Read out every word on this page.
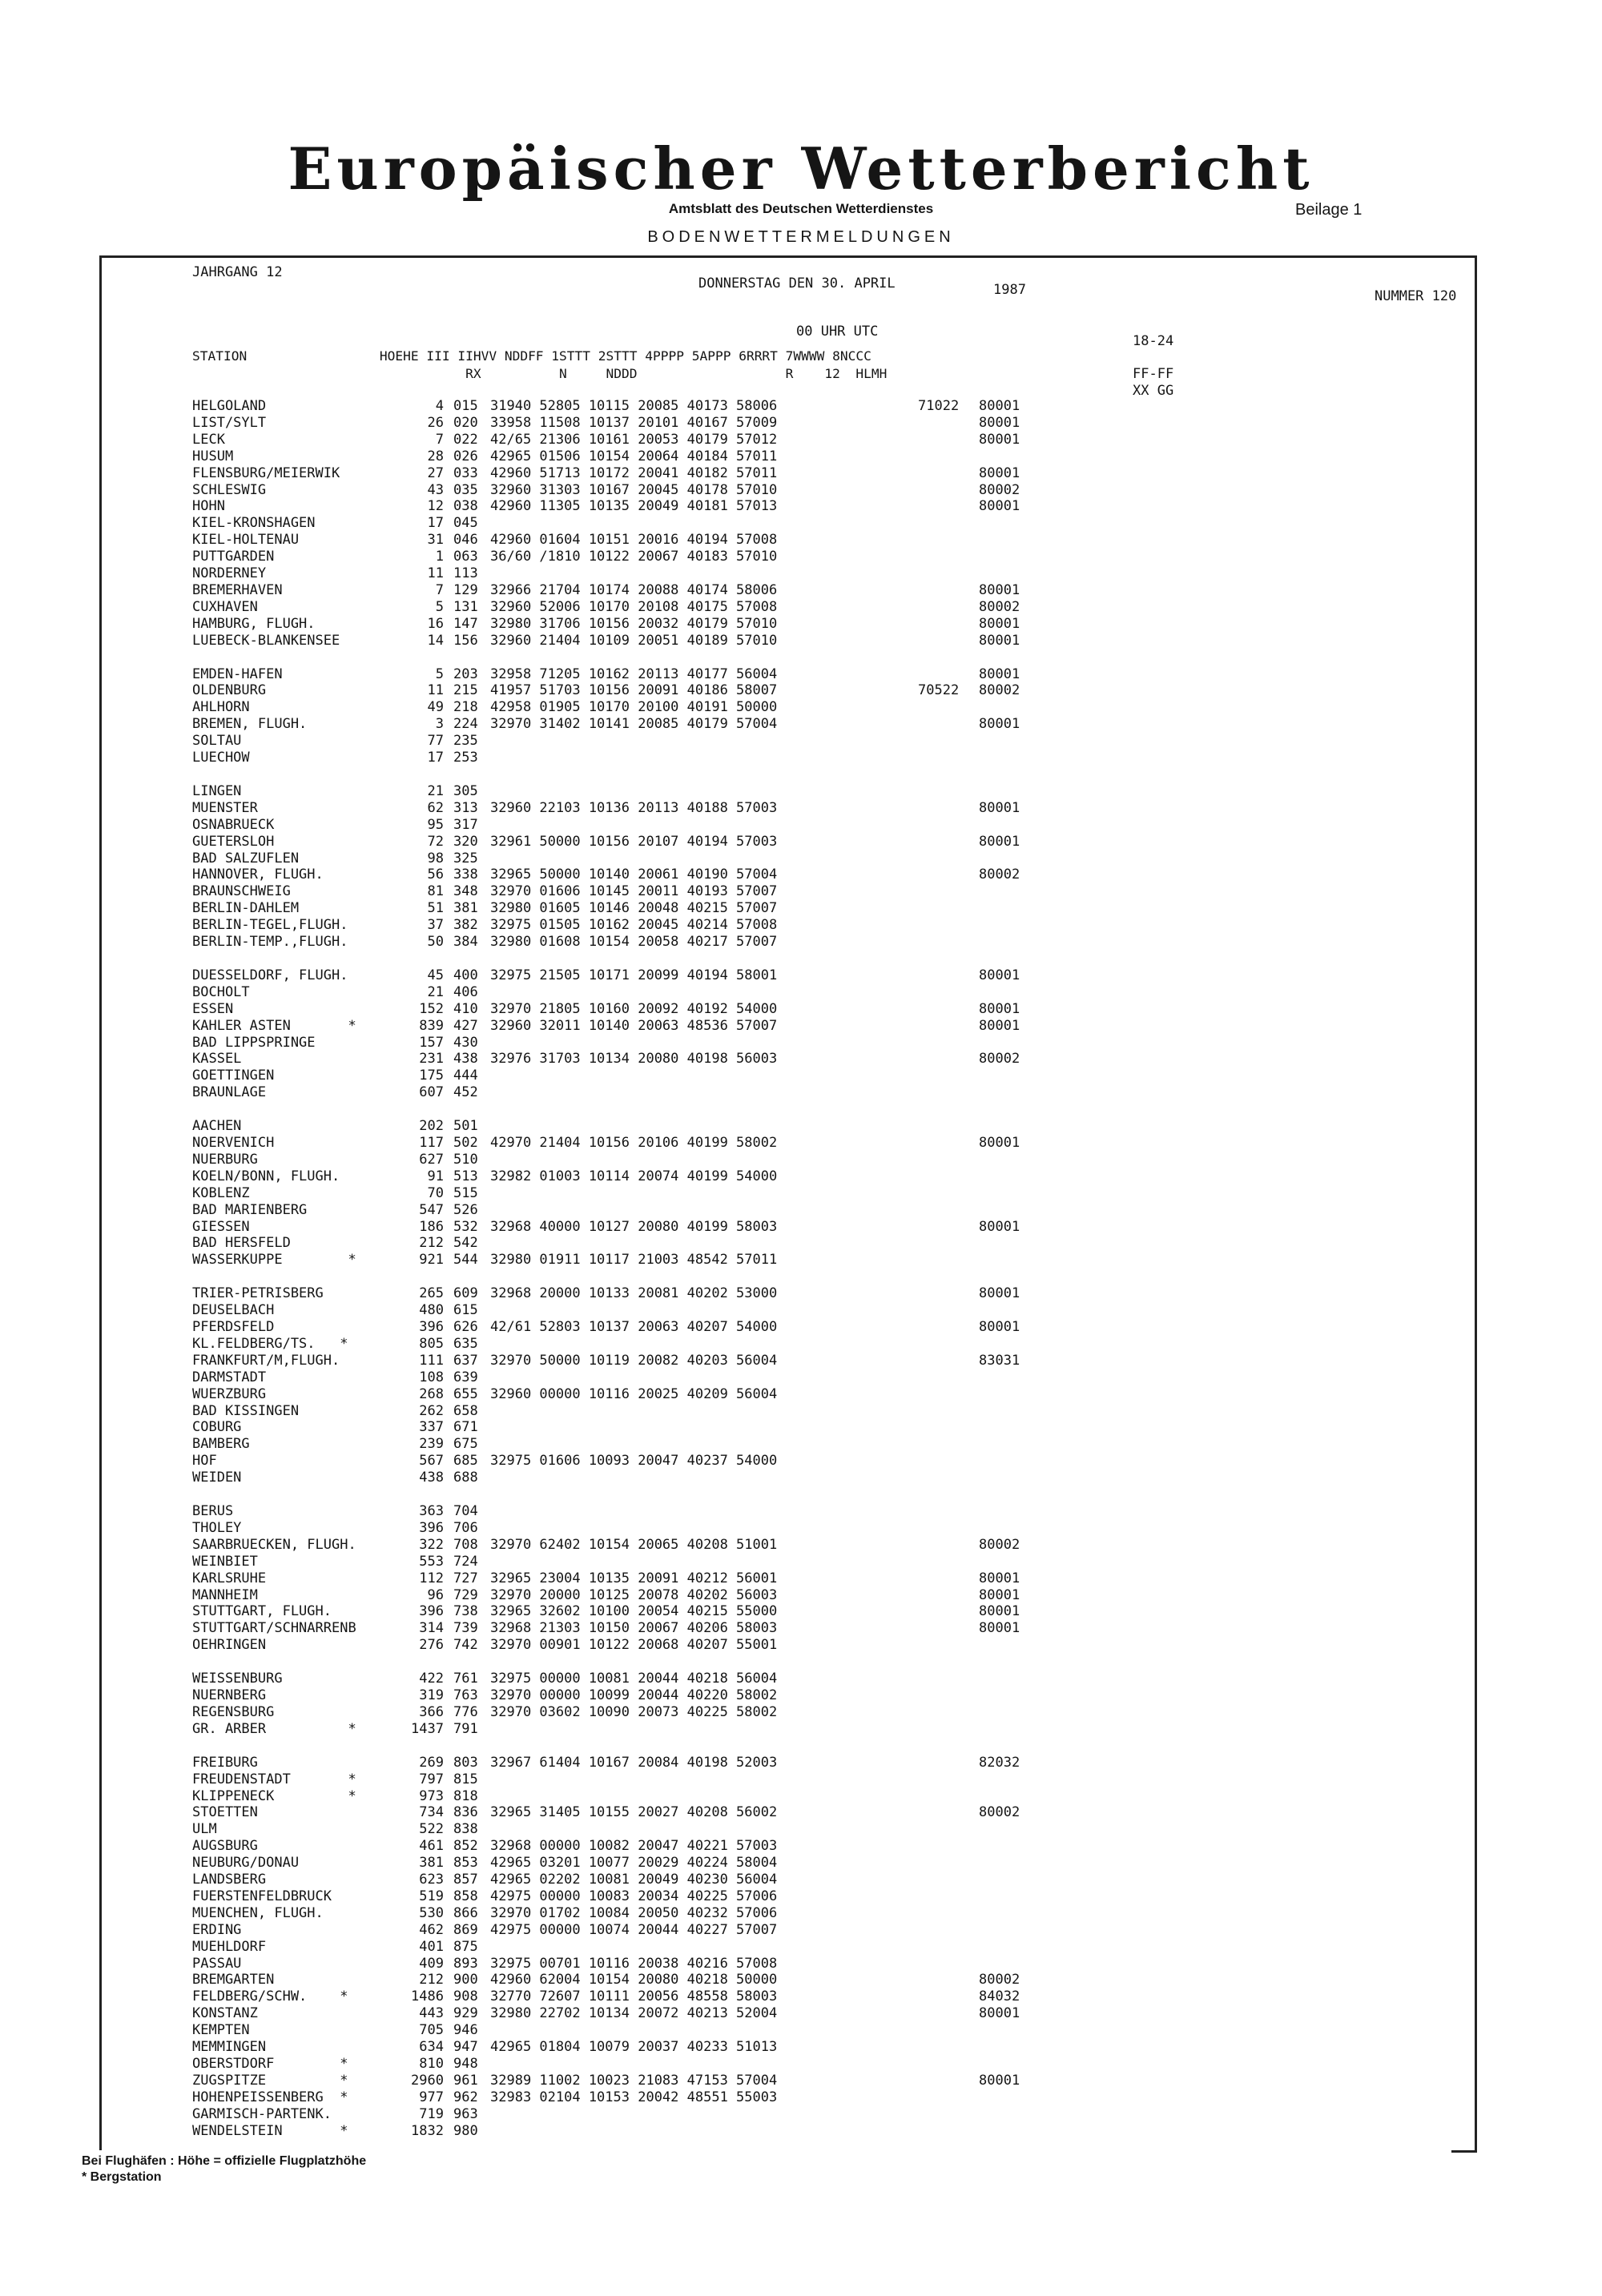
Europäischer Wetterbericht
Amtsblatt des Deutschen Wetterdienstes	Beilage 1
BODENWETTERMELDUNGEN
JAHRGANG 12
DONNERSTAG DEN 30. APRIL	1987	NUMMER 120
00 UHR UTC
STATION                 HOEHE III IIHVV NDDFF 1STTT 2STTT 4PPPP 5APPP 6RRRT 7WWWW 8NCCC
RX          N     NDDD                   R    12  HLMH
18-24
FF-FF
XX GG
HELGOLAND	4 015 31940 52805 10115 20085 40173 58006	71022 80001
LIST/SYLT	26 020 33958 11508 10137 20101 40167 57009	80001
LECK	7 022 42/65 21306 10161 20053 40179 57012	80001
HUSUM	28 026 42965 01506 10154 20064 40184 57011
FLENSBURG/MEIERWIK	27 033 42960 51713 10172 20041 40182 57011	80001
SCHLESWIG	43 035 32960 31303 10167 20045 40178 57010	80002
HOHN	12 038 42960 11305 10135 20049 40181 57013	80001
KIEL-KRONSHAGEN	17 045
KIEL-HOLTENAU	31 046 42960 01604 10151 20016 40194 57008
PUTTGARDEN	1 063 36/60 /1810 10122 20067 40183 57010
NORDERNEY	11 113
BREMERHAVEN	7 129 32966 21704 10174 20088 40174 58006	80001
CUXHAVEN	5 131 32960 52006 10170 20108 40175 57008	80002
HAMBURG, FLUGH.	16 147 32980 31706 10156 20032 40179 57010	80001
LUEBECK-BLANKENSEE	14 156 32960 21404 10109 20051 40189 57010	80001
EMDEN-HAFEN	5 203 32958 71205 10162 20113 40177 56004	80001
OLDENBURG	11 215 41957 51703 10156 20091 40186 58007	70522 80002
AHLHORN	49 218 42958 01905 10170 20100 40191 50000
BREMEN, FLUGH.	3 224 32970 31402 10141 20085 40179 57004	80001
SOLTAU	77 235
LUECHOW	17 253
LINGEN	21 305
MUENSTER	62 313 32960 22103 10136 20113 40188 57003	80001
OSNABRUECK	95 317
GUETERSLOH	72 320 32961 50000 10156 20107 40194 57003	80001
BAD SALZUFLEN	98 325
HANNOVER, FLUGH.	56 338 32965 50000 10140 20061 40190 57004	80002
BRAUNSCHWEIG	81 348 32970 01606 10145 20011 40193 57007
BERLIN-DAHLEM	51 381 32980 01605 10146 20048 40215 57007
BERLIN-TEGEL,FLUGH.	37 382 32975 01505 10162 20045 40214 57008
BERLIN-TEMP.,FLUGH.	50 384 32980 01608 10154 20058 40217 57007
DUESSELDORF, FLUGH.	45 400 32975 21505 10171 20099 40194 58001	80001
BOCHOLT	21 406
ESSEN	152 410 32970 21805 10160 20092 40192 54000	80001
KAHLER ASTEN       *	839 427 32960 32011 10140 20063 48536 57007	80001
BAD LIPPSPRINGE	157 430
KASSEL	231 438 32976 31703 10134 20080 40198 56003	80002
GOETTINGEN	175 444
BRAUNLAGE	607 452
AACHEN	202 501
NOERVENICH	117 502 42970 21404 10156 20106 40199 58002	80001
NUERBURG	627 510
KOELN/BONN, FLUGH.	91 513 32982 01003 10114 20074 40199 54000
KOBLENZ	70 515
BAD MARIENBERG	547 526
GIESSEN	186 532 32968 40000 10127 20080 40199 58003	80001
BAD HERSFELD	212 542
WASSERKUPPE        *	921 544 32980 01911 10117 21003 48542 57011
TRIER-PETRISBERG	265 609 32968 20000 10133 20081 40202 53000	80001
DEUSELBACH	480 615
PFERDSFELD	396 626 42/61 52803 10137 20063 40207 54000	80001
KL.FELDBERG/TS.   *	805 635
FRANKFURT/M,FLUGH.	111 637 32970 50000 10119 20082 40203 56004	83031
DARMSTADT	108 639
WUERZBURG	268 655 32960 00000 10116 20025 40209 56004
BAD KISSINGEN	262 658
COBURG	337 671
BAMBERG	239 675
HOF	567 685 32975 01606 10093 20047 40237 54000
WEIDEN	438 688
BERUS	363 704
THOLEY	396 706
SAARBRUECKEN, FLUGH.	322 708 32970 62402 10154 20065 40208 51001	80002
WEINBIET	553 724
KARLSRUHE	112 727 32965 23004 10135 20091 40212 56001	80001
MANNHEIM	96 729 32970 20000 10125 20078 40202 56003	80001
STUTTGART, FLUGH.	396 738 32965 32602 10100 20054 40215 55000	80001
STUTTGART/SCHNARRENB	314 739 32968 21303 10150 20067 40206 58003	80001
OEHRINGEN	276 742 32970 00901 10122 20068 40207 55001
WEISSENBURG	422 761 32975 00000 10081 20044 40218 56004
NUERNBERG	319 763 32970 00000 10099 20044 40220 58002
REGENSBURG	366 776 32970 03602 10090 20073 40225 58002
GR. ARBER          *	1437 791
FREIBURG	269 803 32967 61404 10167 20084 40198 52003	82032
FREUDENSTADT       *	797 815
KLIPPENECK         *	973 818
STOETTEN	734 836 32965 31405 10155 20027 40208 56002	80002
ULM	522 838
AUGSBURG	461 852 32968 00000 10082 20047 40221 57003
NEUBURG/DONAU	381 853 42965 03201 10077 20029 40224 58004
LANDSBERG	623 857 42965 02202 10081 20049 40230 56004
FUERSTENFELDBRUCK	519 858 42975 00000 10083 20034 40225 57006
MUENCHEN, FLUGH.	530 866 32970 01702 10084 20050 40232 57006
ERDING	462 869 42975 00000 10074 20044 40227 57007
MUEHLDORF	401 875
PASSAU	409 893 32975 00701 10116 20038 40216 57008
BREMGARTEN	212 900 42960 62004 10154 20080 40218 50000	80002
FELDBERG/SCHW.    *	1486 908 32770 72607 10111 20056 48558 58003	84032
KONSTANZ	443 929 32980 22702 10134 20072 40213 52004	80001
KEMPTEN	705 946
MEMMINGEN	634 947 42965 01804 10079 20037 40233 51013
OBERSTDORF        *	810 948
ZUGSPITZE         *	2960 961 32989 11002 10023 21083 47153 57004	80001
HOHENPEISSENBERG  *	977 962 32983 02104 10153 20042 48551 55003
GARMISCH-PARTENK.	719 963
WENDELSTEIN       *	1832 980
Bei Flughäfen : Höhe = offizielle Flugplatzhöhe
* Bergstation
